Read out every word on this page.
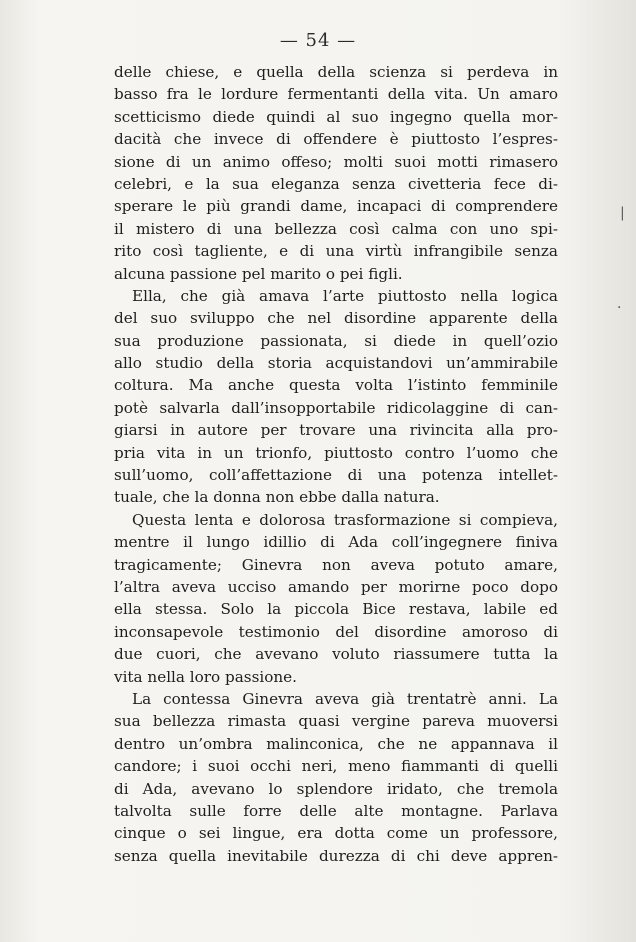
— 54 —
delle chiese, e quella della scienza si perdeva in
basso fra le lordure fermentanti della vita. Un amaro
scetticismo diede quindi al suo ingegno quella mor-
dacità che invece di offendere è piuttosto l’espres-
sione di un animo offeso; molti suoi motti rimasero
celebri, e la sua eleganza senza civetteria fece di-
sperare le più grandi dame, incapaci di comprendere
il mistero di una bellezza così calma con uno spi-
rito così tagliente, e di una virtù infrangibile senza
alcuna passione pel marito o pei figli.
Ella, che già amava l’arte piuttosto nella logica
del suo sviluppo che nel disordine apparente della
sua produzione passionata, si diede in quell’ozio
allo studio della storia acquistandovi un’ammirabile
coltura. Ma anche questa volta l’istinto femminile
potè salvarla dall’insopportabile ridicolaggine di can-
giarsi in autore per trovare una rivincita alla pro-
pria vita in un trionfo, piuttosto contro l’uomo che
sull’uomo, coll’affettazione di una potenza intellet-
tuale, che la donna non ebbe dalla natura.
Questa lenta e dolorosa trasformazione si compieva,
mentre il lungo idillio di Ada coll’ingegnere finiva
tragicamente; Ginevra non aveva potuto amare,
l’altra aveva ucciso amando per morirne poco dopo
ella stessa. Solo la piccola Bice restava, labile ed
inconsapevole testimonio del disordine amoroso di
due cuori, che avevano voluto riassumere tutta la
vita nella loro passione.
La contessa Ginevra aveva già trentatrè anni. La
sua bellezza rimasta quasi vergine pareva muoversi
dentro un’ombra malinconica, che ne appannava il
candore; i suoi occhi neri, meno fiammanti di quelli
di Ada, avevano lo splendore iridato, che tremola
talvolta sulle forre delle alte montagne. Parlava
cinque o sei lingue, era dotta come un professore,
senza quella inevitabile durezza di chi deve appren-
|
·
